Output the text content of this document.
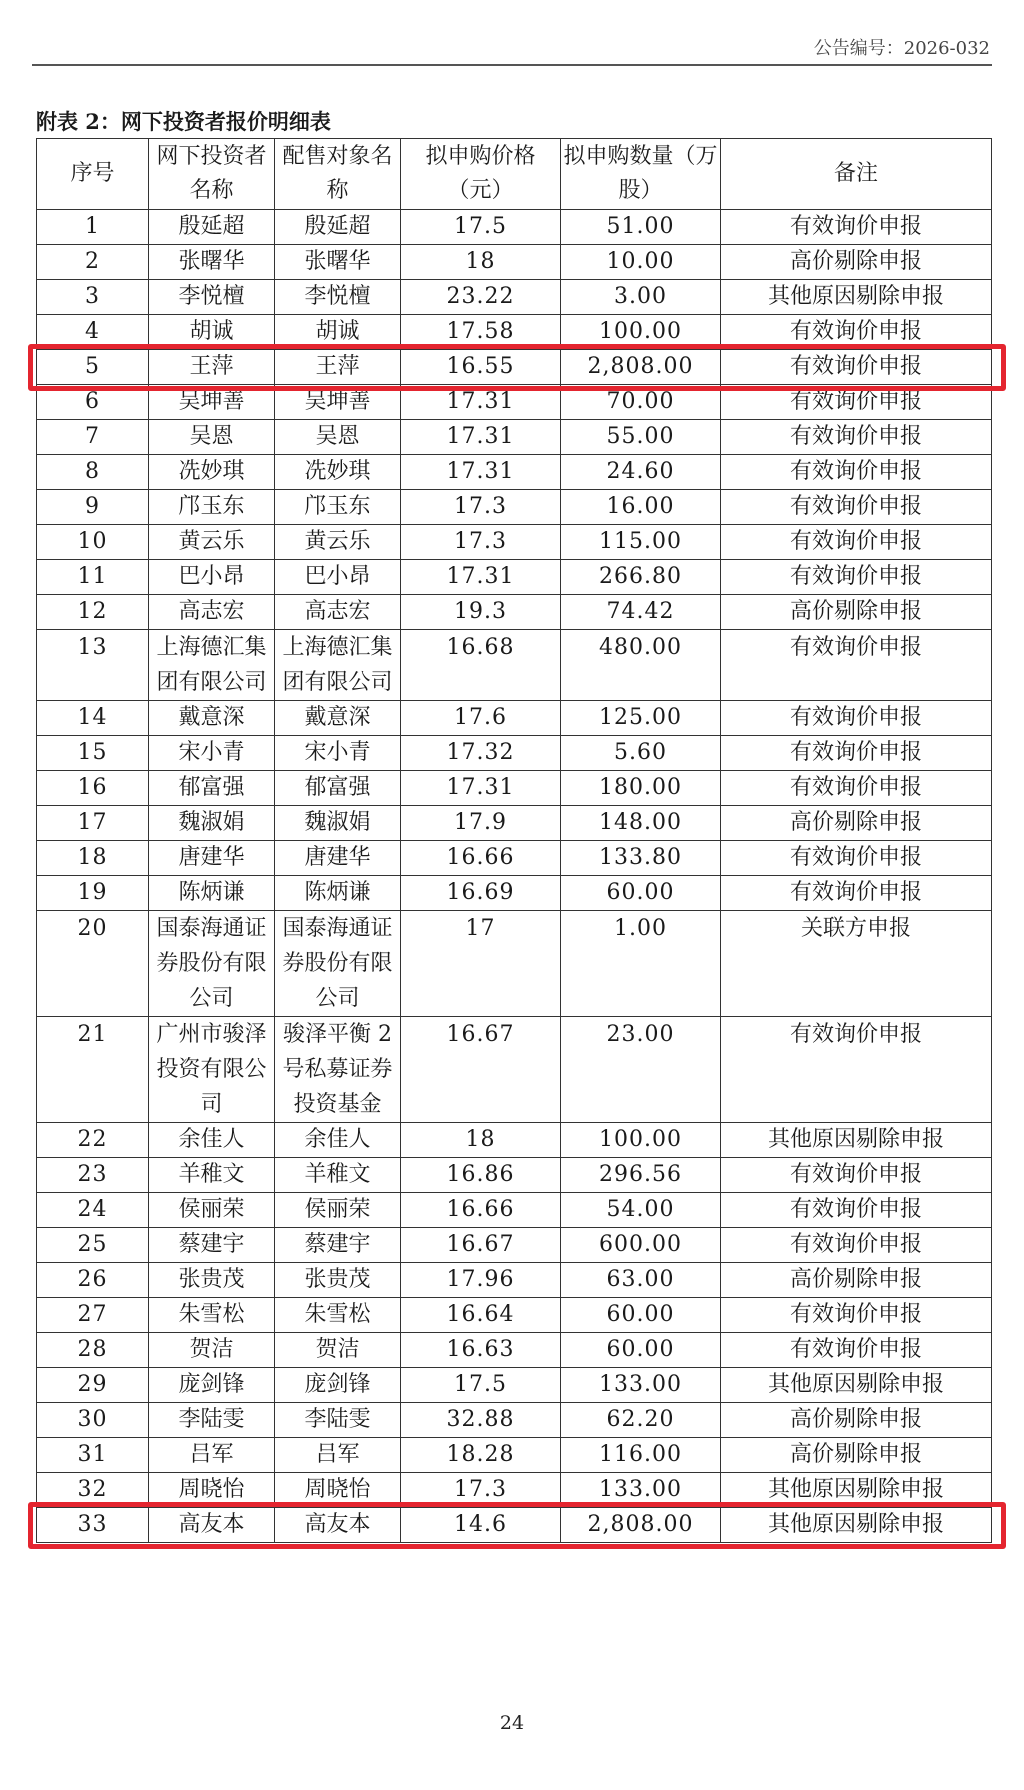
公告编号：2026-032
附表 2：网下投资者报价明细表
序号	网下投资者名称	配售对象名称	拟申购价格（元）	拟申购数量（万股）	备注
1	殷延超	殷延超	17.5	51.00	有效询价申报
2	张曙华	张曙华	18	10.00	高价剔除申报
3	李悦檀	李悦檀	23.22	3.00	其他原因剔除申报
4	胡诚	胡诚	17.58	100.00	有效询价申报
5	王萍	王萍	16.55	2,808.00	有效询价申报
6	吴坤善	吴坤善	17.31	70.00	有效询价申报
7	吴恩	吴恩	17.31	55.00	有效询价申报
8	冼妙琪	冼妙琪	17.31	24.60	有效询价申报
9	邝玉东	邝玉东	17.3	16.00	有效询价申报
10	黄云乐	黄云乐	17.3	115.00	有效询价申报
11	巴小昂	巴小昂	17.31	266.80	有效询价申报
12	高志宏	高志宏	19.3	74.42	高价剔除申报
13	上海德汇集团有限公司	上海德汇集团有限公司	16.68	480.00	有效询价申报
14	戴意深	戴意深	17.6	125.00	有效询价申报
15	宋小青	宋小青	17.32	5.60	有效询价申报
16	郁富强	郁富强	17.31	180.00	有效询价申报
17	魏淑娟	魏淑娟	17.9	148.00	高价剔除申报
18	唐建华	唐建华	16.66	133.80	有效询价申报
19	陈炳谦	陈炳谦	16.69	60.00	有效询价申报
20	国泰海通证券股份有限公司	国泰海通证券股份有限公司	17	1.00	关联方申报
21	广州市骏泽投资有限公司	骏泽平衡 2 号私募证券投资基金	16.67	23.00	有效询价申报
22	余佳人	余佳人	18	100.00	其他原因剔除申报
23	羊稚文	羊稚文	16.86	296.56	有效询价申报
24	侯丽荣	侯丽荣	16.66	54.00	有效询价申报
25	蔡建宇	蔡建宇	16.67	600.00	有效询价申报
26	张贵茂	张贵茂	17.96	63.00	高价剔除申报
27	朱雪松	朱雪松	16.64	60.00	有效询价申报
28	贺洁	贺洁	16.63	60.00	有效询价申报
29	庞剑锋	庞剑锋	17.5	133.00	其他原因剔除申报
30	李陆雯	李陆雯	32.88	62.20	高价剔除申报
31	吕军	吕军	18.28	116.00	高价剔除申报
32	周晓怡	周晓怡	17.3	133.00	其他原因剔除申报
33	高友本	高友本	14.6	2,808.00	其他原因剔除申报
24
